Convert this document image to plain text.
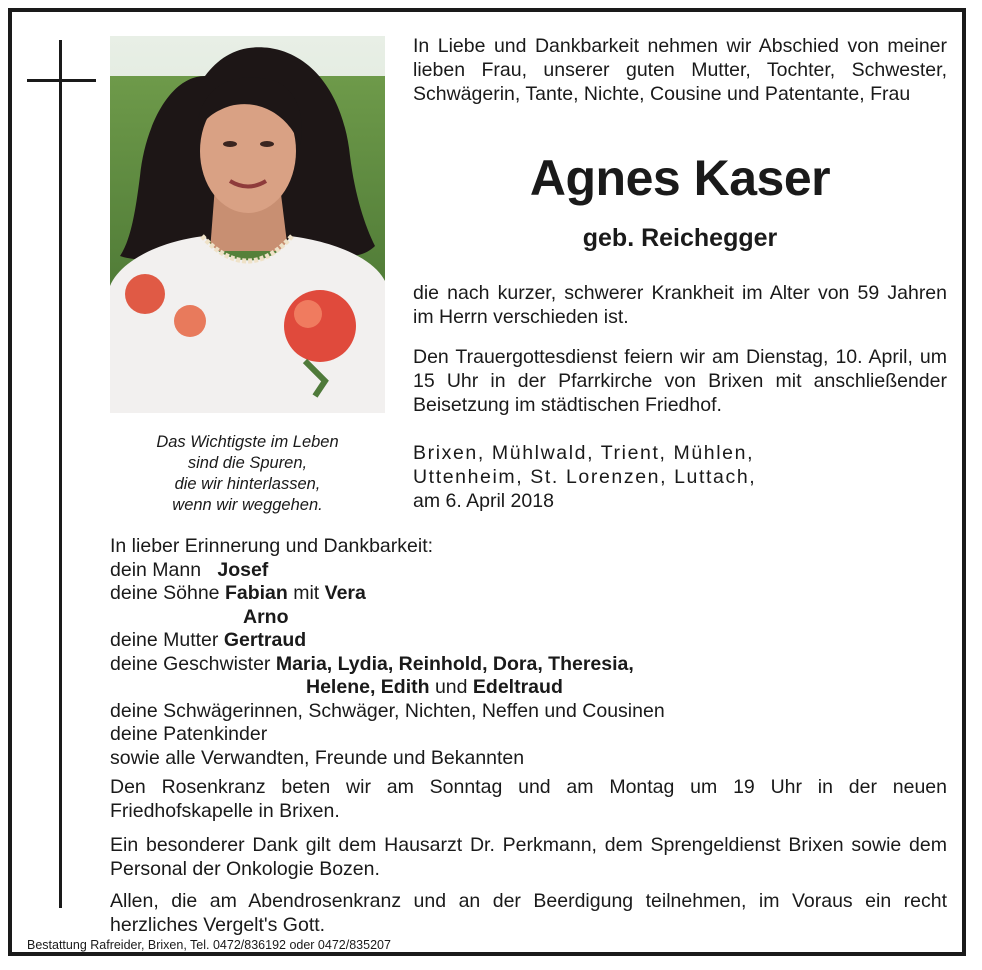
Das Wichtigste im Leben
sind die Spuren,
die wir hinterlassen,
wenn wir weggehen.
In Liebe und Dankbarkeit nehmen wir Abschied von meiner lieben Frau, unserer guten Mutter, Tochter, Schwester, Schwägerin, Tante, Nichte, Cousine und Patentante, Frau
Agnes Kaser
geb. Reichegger
die nach kurzer, schwerer Krankheit im Alter von 59 Jahren im Herrn verschieden ist.
Den Trauergottesdienst feiern wir am Dienstag, 10. April, um 15 Uhr in der Pfarrkirche von Brixen mit anschließender Beisetzung im städtischen Friedhof.
Brixen, Mühlwald, Trient, Mühlen,
Uttenheim, St. Lorenzen, Luttach,
am 6. April 2018
In lieber Erinnerung und Dankbarkeit:
dein Mann Josef
deine Söhne Fabian mit Vera
Arno
deine Mutter Gertraud
deine Geschwister Maria, Lydia, Reinhold, Dora, Theresia,
Helene, Edith und Edeltraud
deine Schwägerinnen, Schwäger, Nichten, Neffen und Cousinen
deine Patenkinder
sowie alle Verwandten, Freunde und Bekannten
Den Rosenkranz beten wir am Sonntag und am Montag um 19 Uhr in der neuen Friedhofskapelle in Brixen.
Ein besonderer Dank gilt dem Hausarzt Dr. Perkmann, dem Sprengeldienst Brixen sowie dem Personal der Onkologie Bozen.
Allen, die am Abendrosenkranz und an der Beerdigung teilnehmen, im Voraus ein recht herzliches Vergelt's Gott.
Bestattung Rafreider, Brixen, Tel. 0472/836192 oder 0472/835207
